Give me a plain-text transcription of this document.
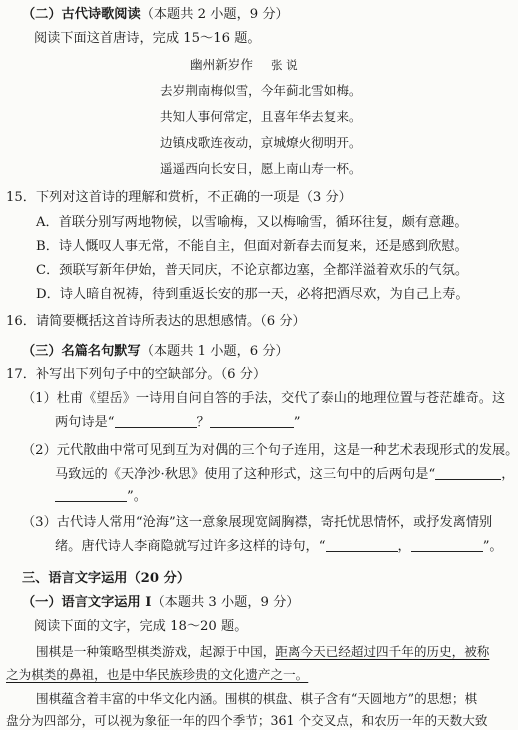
（二）古代诗歌阅读（本题共 2 小题，9 分）
阅读下面这首唐诗，完成 15～16 题。
幽州新岁作 张 说
去岁荆南梅似雪，今年蓟北雪如梅。
共知人事何常定，且喜年华去复来。
边镇戍歌连夜动，京城燎火彻明开。
遥遥西向长安日，愿上南山寿一杯。
15．下列对这首诗的理解和赏析，不正确的一项是（3 分）
A．首联分别写两地物候，以雪喻梅，又以梅喻雪，循环往复，颇有意趣。
B．诗人慨叹人事无常，不能自主，但面对新春去而复来，还是感到欣慰。
C．颈联写新年伊始，普天同庆，不论京都边塞，全都洋溢着欢乐的气氛。
D．诗人暗自祝祷，待到重返长安的那一天，必将把酒尽欢，为自己上寿。
16．请简要概括这首诗所表达的思想感情。（6 分）
（三）名篇名句默写（本题共 1 小题，6 分）
17．补写出下列句子中的空缺部分。（6 分）
（1）杜甫《望岳》一诗用自问自答的手法，交代了泰山的地理位置与苍茫雄奇。这
两句诗是“	？	”
（2）元代散曲中常可见到互为对偶的三个句子连用，这是一种艺术表现形式的发展。
马致远的《天净沙·秋思》使用了这种形式，这三句中的后两句是“	，
”。
（3）古代诗人常用“沧海”这一意象展现宽阔胸襟，寄托忧思情怀，或抒发离情别
绪。唐代诗人李商隐就写过许多这样的诗句，“	，	”。
三、语言文字运用（20 分）
（一）语言文字运用 Ⅰ（本题共 3 小题，9 分）
阅读下面的文字，完成 18～20 题。
围棋是一种策略型棋类游戏，起源于中国，距离今天已经超过四千年的历史，被称
之为棋类的鼻祖，也是中华民族珍贵的文化遗产之一。
围棋蕴含着丰富的中华文化内涵。围棋的棋盘、棋子含有“天圆地方”的思想；棋
盘分为四部分，可以视为象征一年的四个季节；361 个交叉点，和农历一年的天数大致
